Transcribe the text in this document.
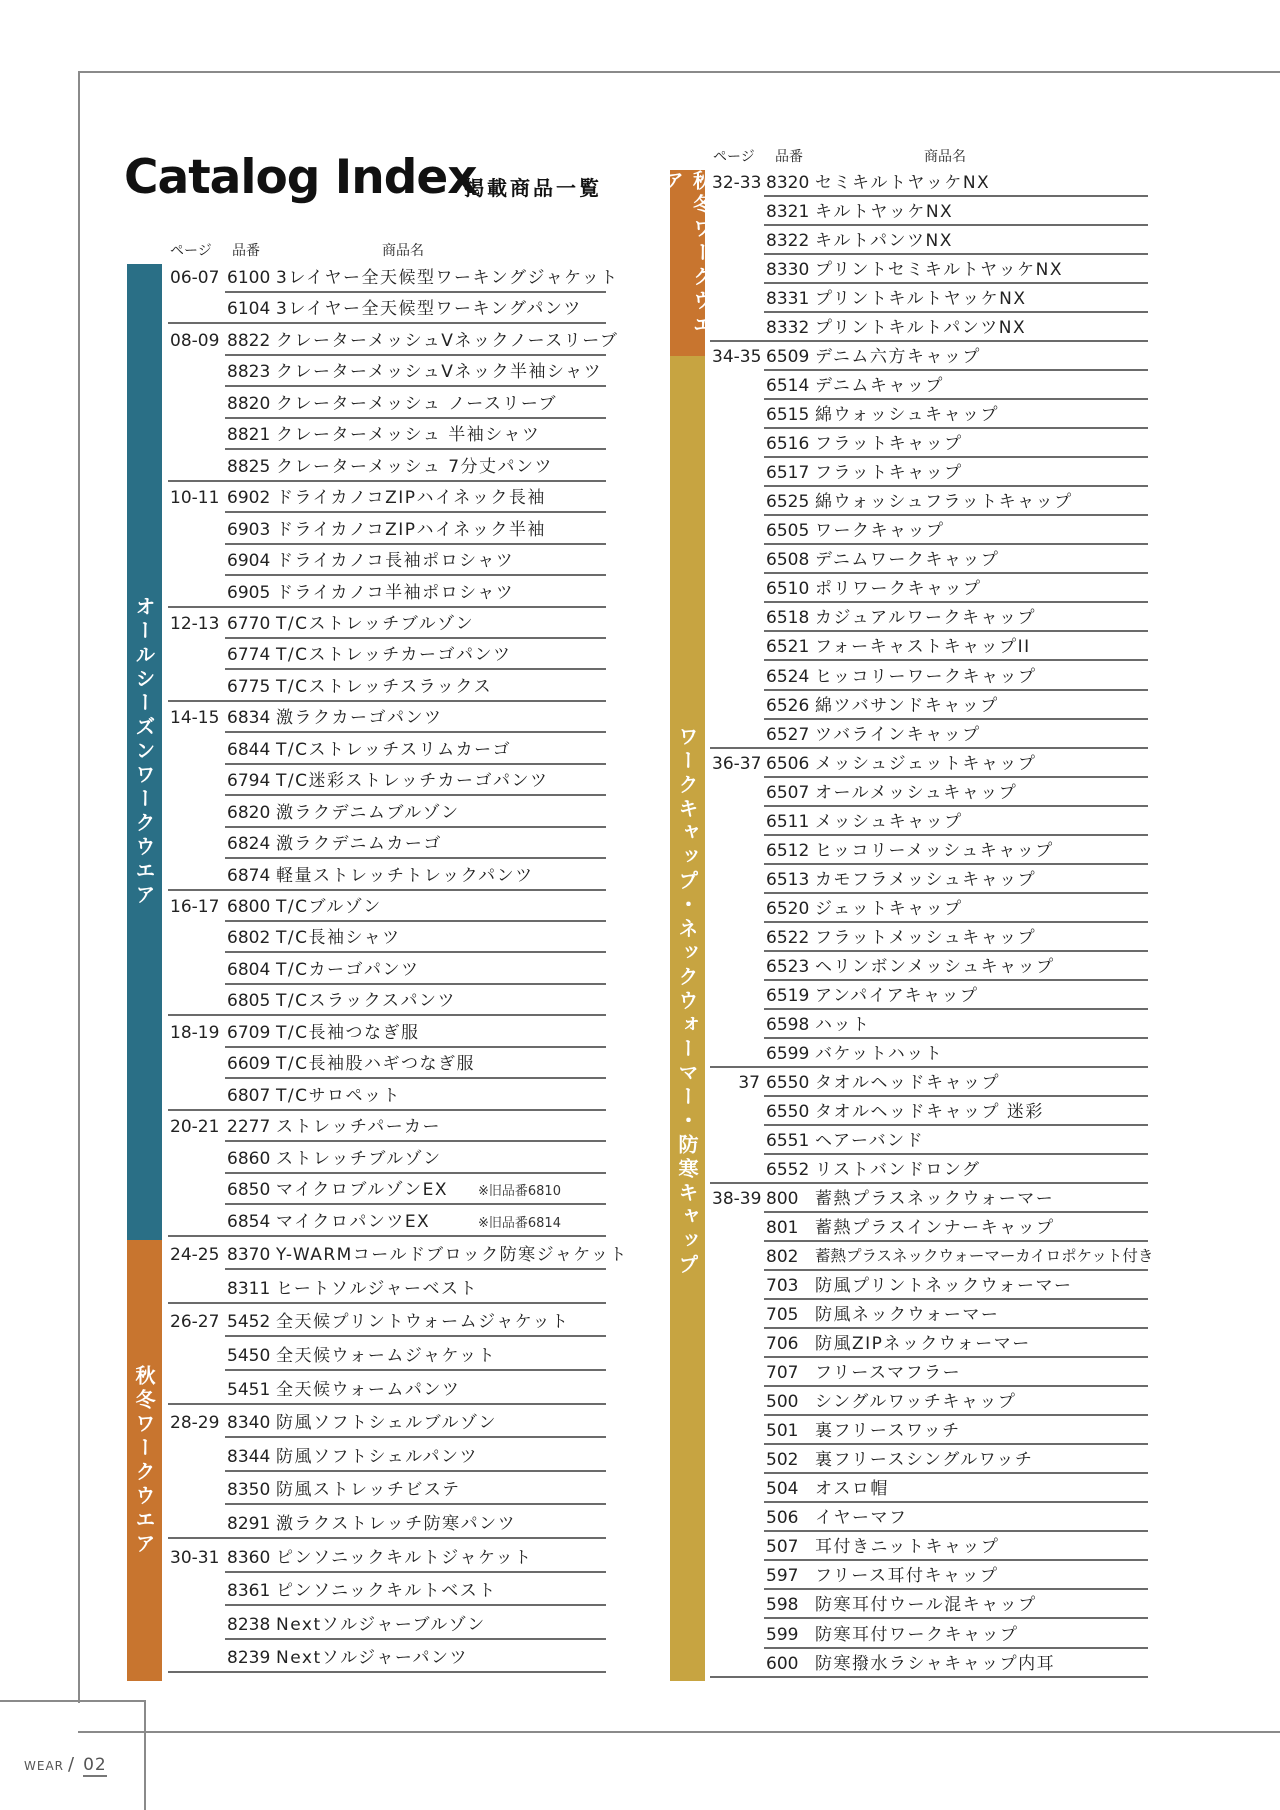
WEAR / 02
Catalog Index
掲載商品一覧
ページ 品番	商品名
ページ 品番	商品名
オールシーズンワークウエア
秋冬ワークウエア
秋冬ワークウエア
ワークキャップ・ネックウォーマー・防寒キャップ
06-07 6100 3レイヤー全天候型ワーキングジャケット
6104 3レイヤー全天候型ワーキングパンツ
08-09 8822 クレーターメッシュVネックノースリーブ
8823 クレーターメッシュVネック半袖シャツ
8820 クレーターメッシュ ノースリーブ
8821 クレーターメッシュ 半袖シャツ
8825 クレーターメッシュ 7分丈パンツ
10-11 6902 ドライカノコZIPハイネック長袖
6903 ドライカノコZIPハイネック半袖
6904 ドライカノコ長袖ポロシャツ
6905 ドライカノコ半袖ポロシャツ
12-13 6770 T/Cストレッチブルゾン
6774 T/Cストレッチカーゴパンツ
6775 T/Cストレッチスラックス
14-15 6834 激ラクカーゴパンツ
6844 T/Cストレッチスリムカーゴ
6794 T/C迷彩ストレッチカーゴパンツ
6820 激ラクデニムブルゾン
6824 激ラクデニムカーゴ
6874 軽量ストレッチトレックパンツ
16-17 6800 T/Cブルゾン
6802 T/C長袖シャツ
6804 T/Cカーゴパンツ
6805 T/Cスラックスパンツ
18-19 6709 T/C長袖つなぎ服
6609 T/C長袖股ハギつなぎ服
6807 T/Cサロペット
20-21 2277 ストレッチパーカー
6860 ストレッチブルゾン
6850 マイクロブルゾンEX ※旧品番6810
6854 マイクロパンツEX	※旧品番6814
24-25 8370 Y-WARMコールドブロック防寒ジャケット
8311 ヒートソルジャーベスト
26-27 5452 全天候プリントウォームジャケット
5450 全天候ウォームジャケット
5451 全天候ウォームパンツ
28-29 8340 防風ソフトシェルブルゾン
8344 防風ソフトシェルパンツ
8350 防風ストレッチビステ
8291 激ラクストレッチ防寒パンツ
30-31 8360 ピンソニックキルトジャケット
8361 ピンソニックキルトベスト
8238 Nextソルジャーブルゾン
8239 Nextソルジャーパンツ
32-33 8320 セミキルトヤッケNX
8321 キルトヤッケNX
8322 キルトパンツNX
8330 プリントセミキルトヤッケNX
8331 プリントキルトヤッケNX
8332 プリントキルトパンツNX
34-35 6509 デニム六方キャップ
6514 デニムキャップ
6515 綿ウォッシュキャップ
6516 フラットキャップ
6517 フラットキャップ
6525 綿ウォッシュフラットキャップ
6505 ワークキャップ
6508 デニムワークキャップ
6510 ポリワークキャップ
6518 カジュアルワークキャップ
6521 フォーキャストキャップII
6524 ヒッコリーワークキャップ
6526 綿ツバサンドキャップ
6527 ツバラインキャップ
36-37 6506 メッシュジェットキャップ
6507 オールメッシュキャップ
6511 メッシュキャップ
6512 ヒッコリーメッシュキャップ
6513 カモフラメッシュキャップ
6520 ジェットキャップ
6522 フラットメッシュキャップ
6523 ヘリンボンメッシュキャップ
6519 アンパイアキャップ
6598 ハット
6599 バケットハット
37 6550 タオルヘッドキャップ
6550 タオルヘッドキャップ 迷彩
6551 ヘアーバンド
6552 リストバンドロング
38-39 800 蓄熱プラスネックウォーマー
801 蓄熱プラスインナーキャップ
802 蓄熱プラスネックウォーマーカイロポケット付き
703 防風プリントネックウォーマー
705 防風ネックウォーマー
706 防風ZIPネックウォーマー
707 フリースマフラー
500 シングルワッチキャップ
501 裏フリースワッチ
502 裏フリースシングルワッチ
504 オスロ帽
506 イヤーマフ
507 耳付きニットキャップ
597 フリース耳付キャップ
598 防寒耳付ウール混キャップ
599 防寒耳付ワークキャップ
600 防寒撥水ラシャキャップ内耳
